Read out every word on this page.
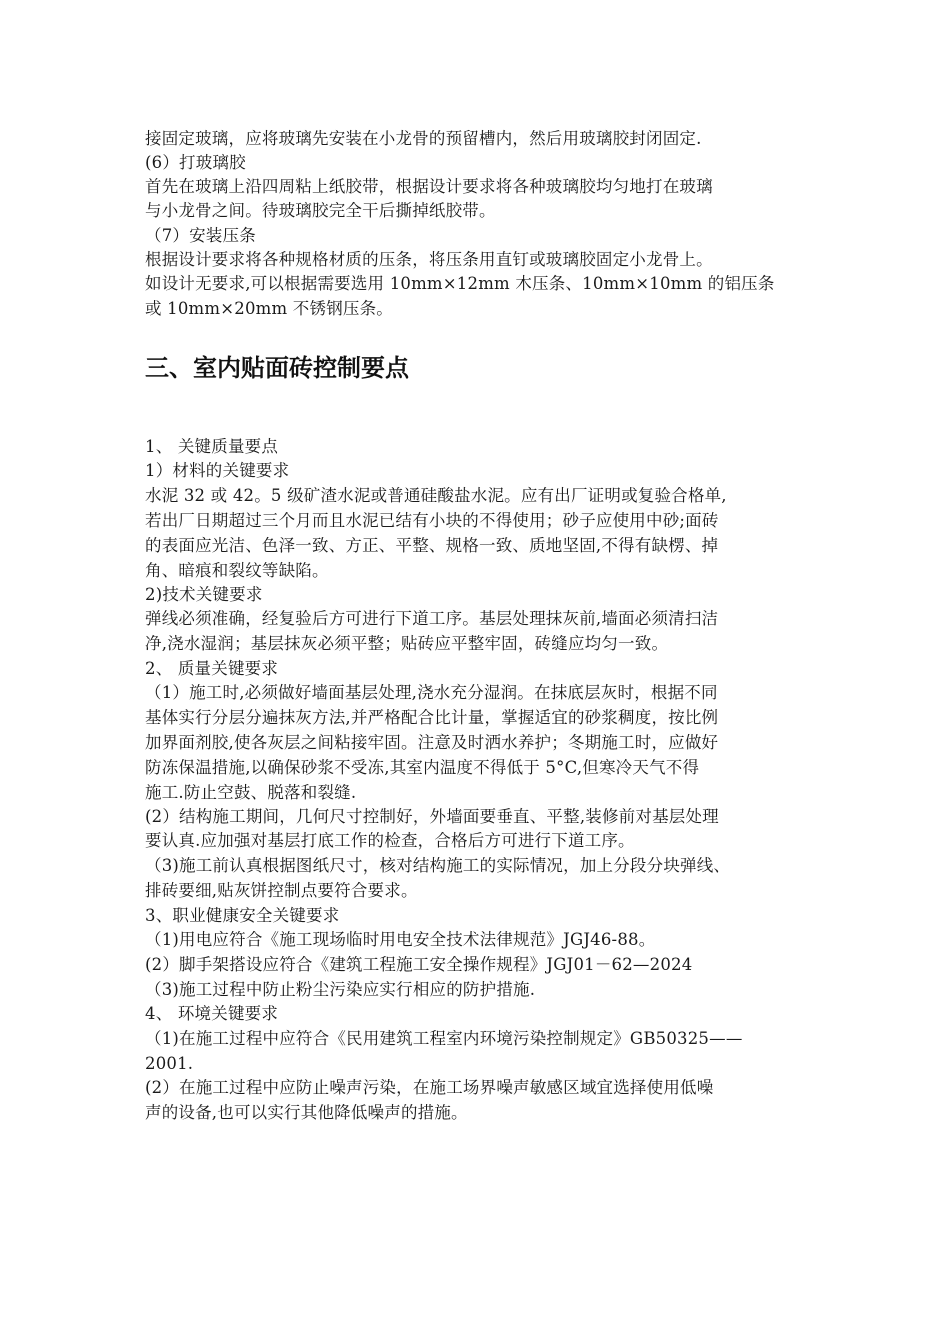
接固定玻璃，应将玻璃先安装在小龙骨的预留槽内，然后用玻璃胶封闭固定.
(6）打玻璃胶
首先在玻璃上沿四周粘上纸胶带，根据设计要求将各种玻璃胶均匀地打在玻璃
与小龙骨之间。待玻璃胶完全干后撕掉纸胶带。
（7）安装压条
根据设计要求将各种规格材质的压条，将压条用直钉或玻璃胶固定小龙骨上。
如设计无要求,可以根据需要选用 10mm×12mm 木压条、10mm×10mm 的铝压条
或 10mm×20mm 不锈钢压条。
三、室内贴面砖控制要点
1、 关键质量要点
1）材料的关键要求
水泥 32 或 42。5 级矿渣水泥或普通硅酸盐水泥。应有出厂证明或复验合格单,
若出厂日期超过三个月而且水泥已结有小块的不得使用；砂子应使用中砂;面砖
的表面应光洁、色泽一致、方正、平整、规格一致、质地坚固,不得有缺楞、掉
角、暗痕和裂纹等缺陷。
2)技术关键要求
弹线必须准确，经复验后方可进行下道工序。基层处理抹灰前,墙面必须清扫洁
净,浇水湿润；基层抹灰必须平整；贴砖应平整牢固，砖缝应均匀一致。
2、 质量关键要求
（1）施工时,必须做好墙面基层处理,浇水充分湿润。在抹底层灰时，根据不同
基体实行分层分遍抹灰方法,并严格配合比计量，掌握适宜的砂浆稠度，按比例
加界面剂胶,使各灰层之间粘接牢固。注意及时洒水养护；冬期施工时，应做好
防冻保温措施,以确保砂浆不受冻,其室内温度不得低于 5°C,但寒冷天气不得
施工.防止空鼓、脱落和裂缝.
(2）结构施工期间，几何尺寸控制好，外墙面要垂直、平整,装修前对基层处理
要认真.应加强对基层打底工作的检查，合格后方可进行下道工序。
（3)施工前认真根据图纸尺寸，核对结构施工的实际情况，加上分段分块弹线、
排砖要细,贴灰饼控制点要符合要求。
3、职业健康安全关键要求
（1)用电应符合《施工现场临时用电安全技术法律规范》JGJ46-88。
(2）脚手架搭设应符合《建筑工程施工安全操作规程》JGJ01－62—2024
（3)施工过程中防止粉尘污染应实行相应的防护措施.
4、 环境关键要求
（1)在施工过程中应符合《民用建筑工程室内环境污染控制规定》GB50325——
2001.
(2）在施工过程中应防止噪声污染，在施工场界噪声敏感区域宜选择使用低噪
声的设备,也可以实行其他降低噪声的措施。
